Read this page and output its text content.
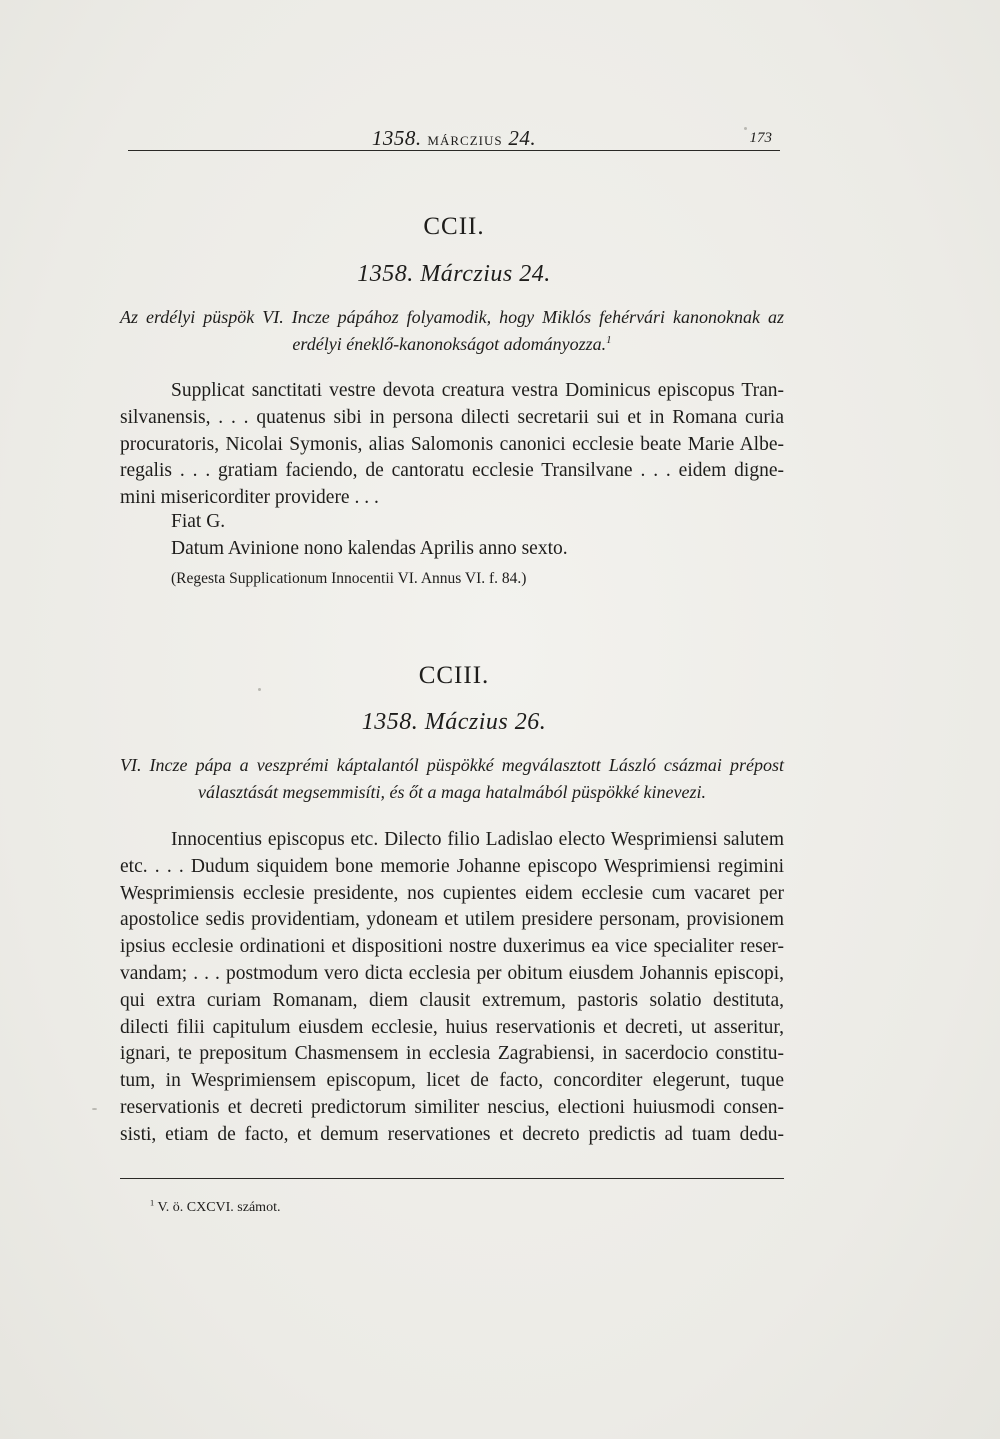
1358. MÁRCZIUS 24.	173
CCII.
1358. Márczius 24.

Az erdélyi püspök VI. Incze pápához folyamodik, hogy Miklós fehérvári kanonoknak az
erdélyi éneklő-kanonokságot adományozza.$^1$

Supplicat sanctitati vestre devota creatura vestra Dominicus episcopus Tran-
silvanensis, . . . quatenus sibi in persona dilecti secretarii sui et in Romana curia
procuratoris, Nicolai Symonis, alias Salomonis canonici ecclesie beate Marie Albe-
regalis . . . gratiam faciendo, de cantoratu ecclesie Transilvane . . . eidem digne-
mini misericorditer providere . . .

Fiat G.
Datum Avinione nono kalendas Aprilis anno sexto.
(Regesta Supplicationum Innocentii VI. Annus VI. f. 84.)
CCIII.
1358. Máczius 26.

VI. Incze pápa a veszprémi káptalantól püspökké megválasztott László csázmai prépost
választását megsemmisíti, és őt a maga hatalmából püspökké kinevezi.

Innocentius episcopus etc. Dilecto filio Ladislao electo Wesprimiensi salutem
etc. . . . Dudum siquidem bone memorie Johanne episcopo Wesprimiensi regimini
Wesprimiensis ecclesie presidente, nos cupientes eidem ecclesie cum vacaret per
apostolice sedis providentiam, ydoneam et utilem presidere personam, provisionem
ipsius ecclesie ordinationi et dispositioni nostre duxerimus ea vice specialiter reser-
vandam; . . . postmodum vero dicta ecclesia per obitum eiusdem Johannis episcopi,
qui extra curiam Romanam, diem clausit extremum, pastoris solatio destituta,
dilecti filii capitulum eiusdem ecclesie, huius reservationis et decreti, ut asseritur,
ignari, te prepositum Chasmensem in ecclesia Zagrabiensi, in sacerdocio constitu-
tum, in Wesprimiensem episcopum, licet de facto, concorditer elegerunt, tuque
reservationis et decreti predictorum similiter nescius, electioni huiusmodi consen-
sisti, etiam de facto, et demum reservationes et decreto predictis ad tuam dedu-

$^1$ V. ö. CXCVI. számot.
